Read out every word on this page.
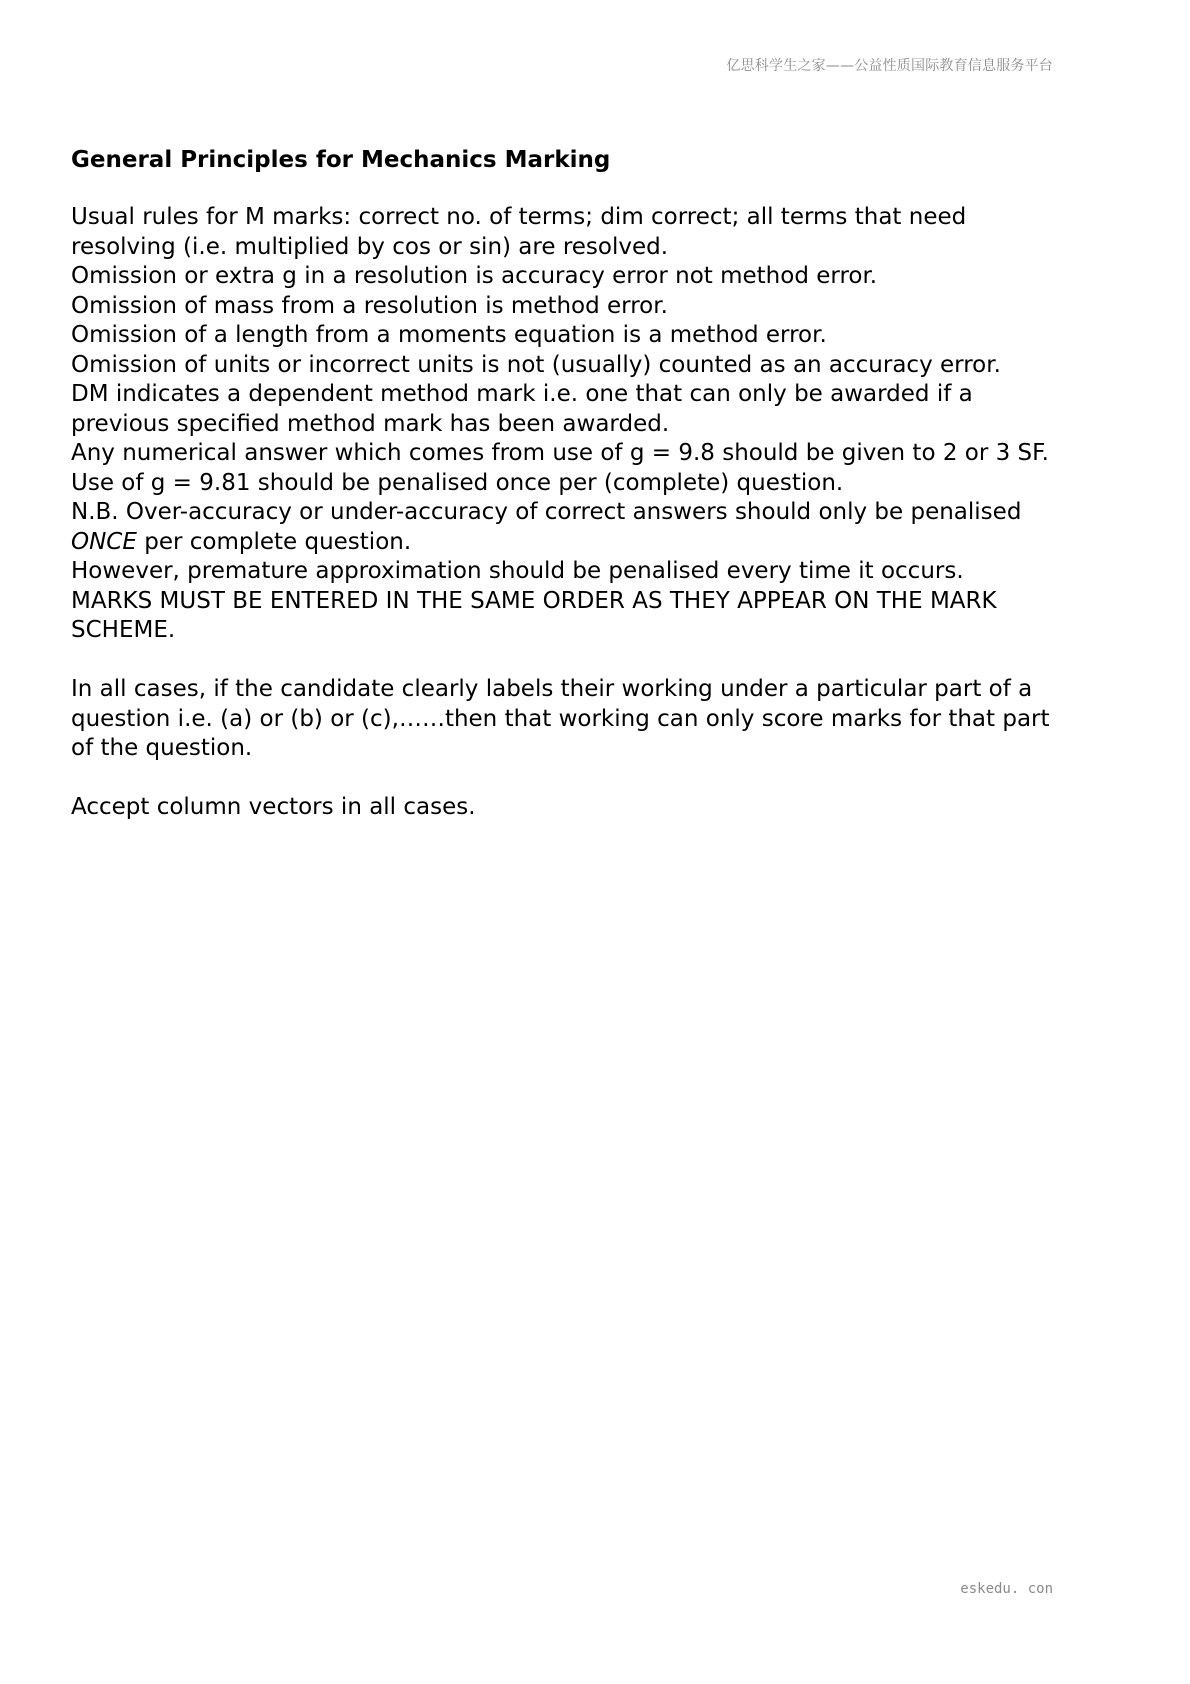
亿思科学生之家——公益性质国际教育信息服务平台
General Principles for Mechanics Marking

Usual rules for M marks: correct no. of terms; dim correct; all terms that need

resolving (i.e. multiplied by cos or sin) are resolved.

Omission or extra g in a resolution is accuracy error not method error.

Omission of mass from a resolution is method error.

Omission of a length from a moments equation is a method error.

Omission of units or incorrect units is not (usually) counted as an accuracy error.

DM indicates a dependent method mark i.e. one that can only be awarded if a

previous specified method mark has been awarded.

Any numerical answer which comes from use of g = 9.8 should be given to 2 or 3 SF.

Use of g = 9.81 should be penalised once per (complete) question.

N.B. Over-accuracy or under-accuracy of correct answers should only be penalised

ONCE per complete question.

However, premature approximation should be penalised every time it occurs.

MARKS MUST BE ENTERED IN THE SAME ORDER AS THEY APPEAR ON THE MARK

SCHEME.

In all cases, if the candidate clearly labels their working under a particular part of a

question i.e. (a) or (b) or (c),……then that working can only score marks for that part

of the question.

Accept column vectors in all cases.

eskedu. con
